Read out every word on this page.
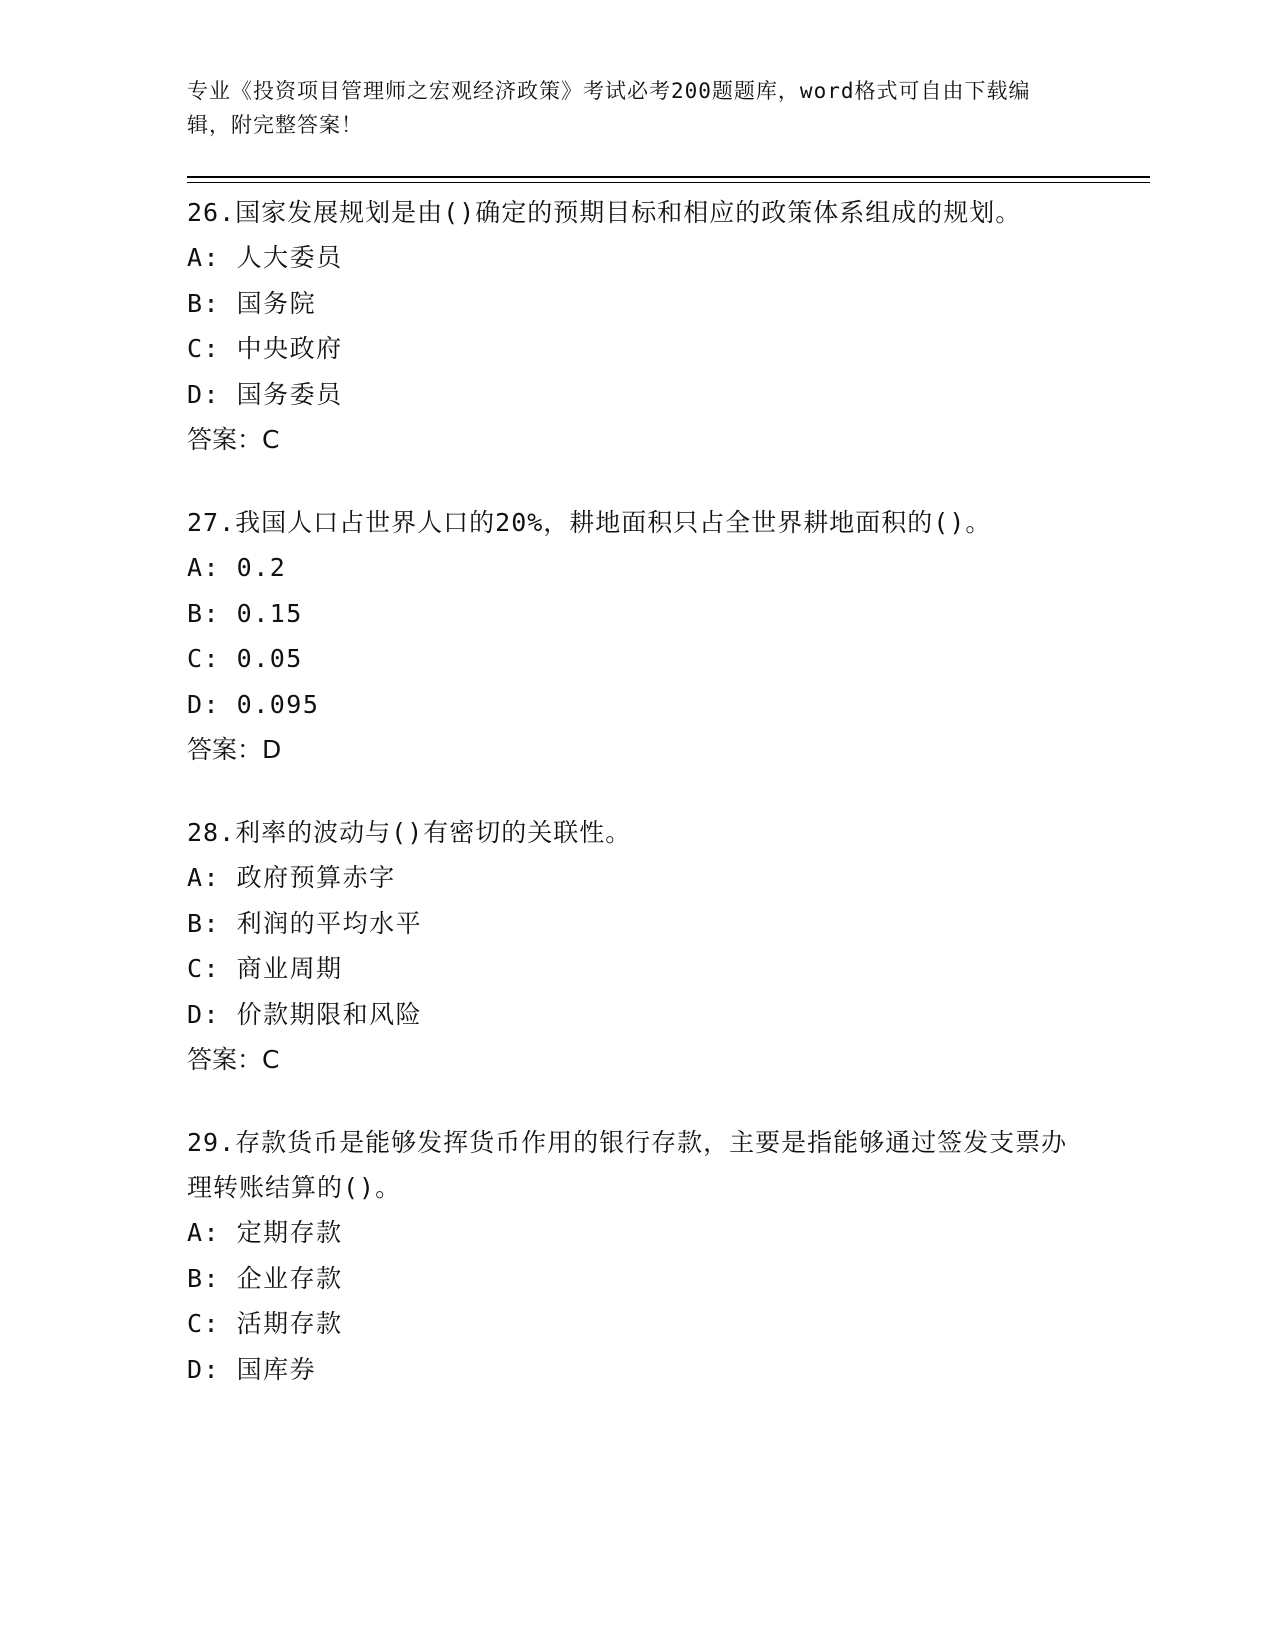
专业《投资项目管理师之宏观经济政策》考试必考200题题库，word格式可自由下载编辑，附完整答案！
26.国家发展规划是由()确定的预期目标和相应的政策体系组成的规划。
A: 人大委员
B: 国务院
C: 中央政府
D: 国务委员
答案：C
27.我国人口占世界人口的20%，耕地面积只占全世界耕地面积的()。
A: 0.2
B: 0.15
C: 0.05
D: 0.095
答案：D
28.利率的波动与()有密切的关联性。
A: 政府预算赤字
B: 利润的平均水平
C: 商业周期
D: 价款期限和风险
答案：C
29.存款货币是能够发挥货币作用的银行存款，主要是指能够通过签发支票办理转账结算的()。
A: 定期存款
B: 企业存款
C: 活期存款
D: 国库券
